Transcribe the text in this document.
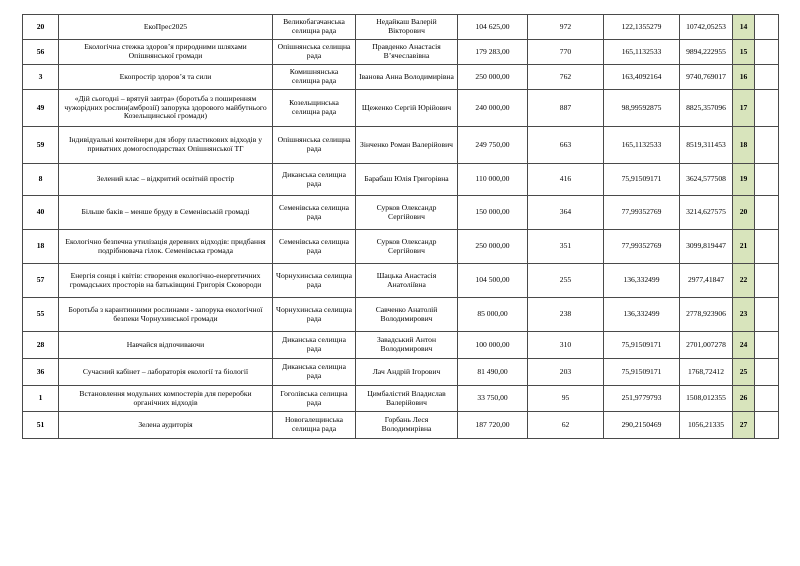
20	ЕкоПрес2025	Великобагачанська селищна рада	Недайкаш Валерій Вікторович	104 625,00	972	122,1355279	10742,05253	14	
56	Екологічна стежка здоров’я природними шляхами Опішнянської громади	Опішнянська селищна рада	Правденко Анастасія В’ячеславівна	179 283,00	770	165,1132533	9894,222955	15	
3	Екопростір здоров’я та сили	Комишнянська селищна рада	Іванова Анна Володимирівна	250 000,00	762	163,4092164	9740,769017	16	
49	«Дій сьогодні – врятуй завтра» (боротьба з поширенням чужорідних рослин(амброзії) запорука здорового майбутнього Козельщинської громади)	Козельщинська селищна рада	Щеженко Сергій Юрійович	240 000,00	887	98,99592875	8825,357096	17	
59	Індивідуальні контейнери для збору пластикових відходів у приватних домогосподарствах Опішнянської ТГ	Опішнянська селищна рада	Зінченко Роман Валерійович	249 750,00	663	165,1132533	8519,311453	18	
8	Зелений клас – відкритий освітній простір	Диканська селищна рада	Барабаш Юлія Григорівна	110 000,00	416	75,91509171	3624,577508	19	
40	Більше баків – менше бруду в Семенівській громаді	Семенівська селищна рада	Сурков Олександр Сергійович	150 000,00	364	77,99352769	3214,627575	20	
18	Екологічно безпечна утилізація деревних відходів: придбання подрібнювача гілок. Семенівська громада	Семенівська селищна рада	Сурков Олександр Сергійович	250 000,00	351	77,99352769	3099,819447	21	
57	Енергія сонця і квітів: створення екологічно-енергетичних громадських просторів на батьківщині Григорія Сковороди	Чорнухинська селищна рада	Шацька Анастасія Анатоліївна	104 500,00	255	136,332499	2977,41847	22	
55	Боротьба з карантинними рослинами - запорука екологічної безпеки Чорнухинської громади	Чорнухинська селищна рада	Савченко Анатолій Володимирович	85 000,00	238	136,332499	2778,923906	23	
28	Навчайся відпочиваючи	Диканська селищна рада	Завадський Антон Володимирович	100 000,00	310	75,91509171	2701,007278	24	
36	Сучасний кабінет – лабораторія екології та біології	Диканська селищна рада	Лач Андрій Ігорович	81 490,00	203	75,91509171	1768,72412	25	
1	Встановлення модульних компостерів для переробки органічних відходів	Гоголівська селищна рада	Цимбалістий Владислав Валерійович	33 750,00	95	251,9779793	1508,012355	26	
51	Зелена аудиторія	Новогалещинська селищна рада	Горбань Леся Володимирівна	187 720,00	62	290,2150469	1056,21335	27	
